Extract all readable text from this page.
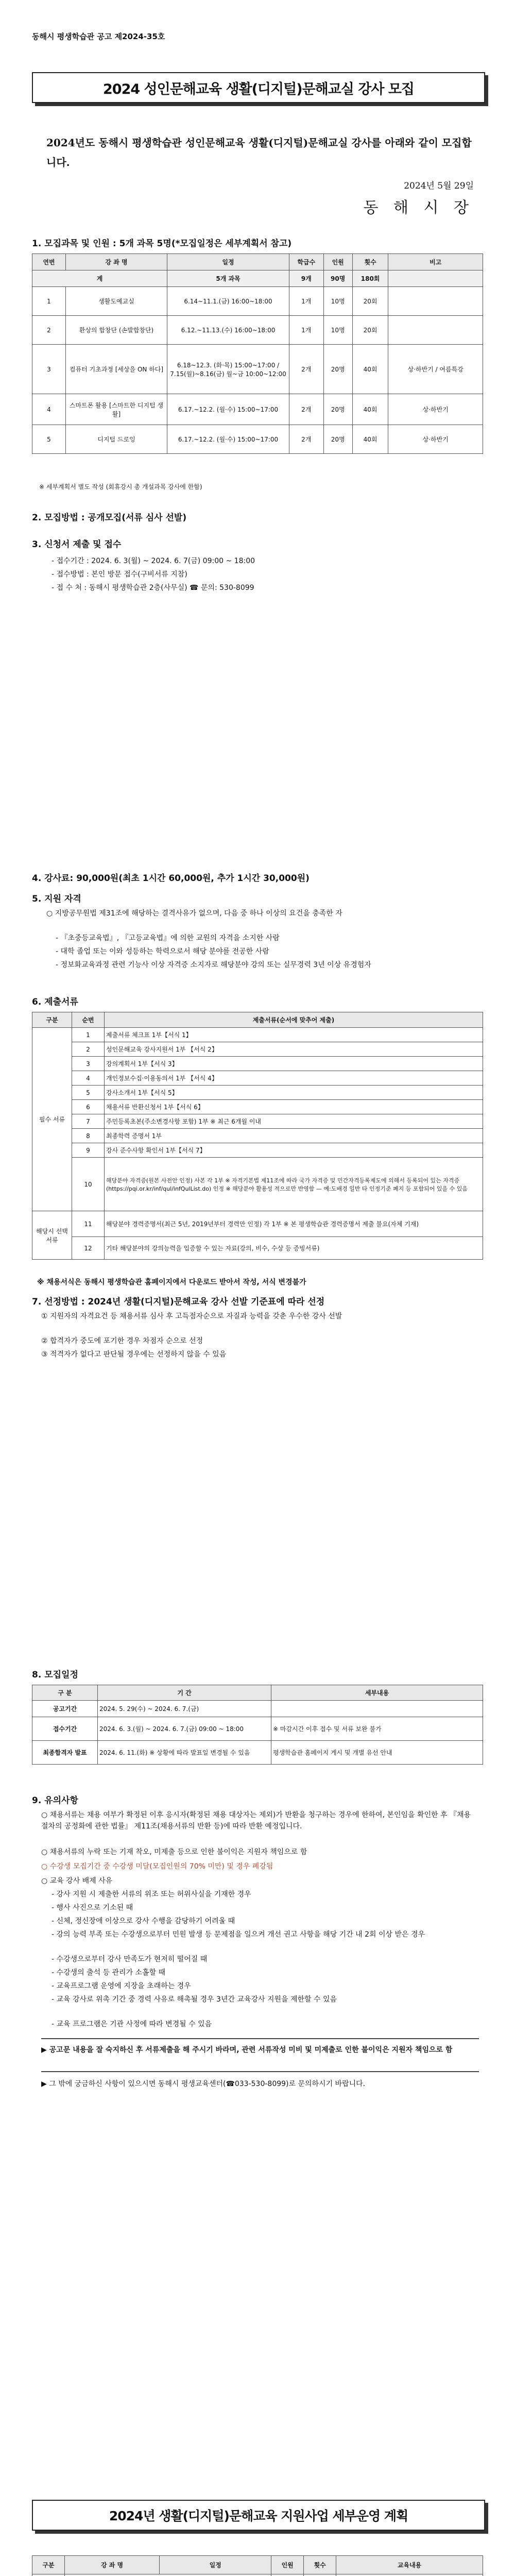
동해시 평생학습관 공고 제2024-35호
2024 성인문해교육 생활(디지털)문해교실 강사 모집
2024년도 동해시 평생학습관 성인문해교육 생활(디지털)문해교실 강사를 아래와 같이 모집합니다.
2024년 5월 29일
동 해 시 장
1. 모집과목 및 인원 : 5개 과목 5명(*모집일정은 세부계획서 참고)
연번	강 좌 명	일정	학급수	인원	횟수	비고
계		5개 과목	9개	90명	180회	
1	생활도예교실	6.14~11.1.(금) 16:00~18:00	1개	10명	20회	
2	환상의 합창단 (손발합창단)	6.12.~11.13.(수) 16:00~18:00	1개	10명	20회	
3	컴퓨터 기초과정 [세상을 ON 하다]	6.18~12.3. (화·목) 15:00~17:00 / 7.15(월)~8.16(금) 월~금 10:00~12:00	2개	20명	40회	상·하반기 / 여름특강
4	스마트폰 활용 [스마트한 디지털 생활]	6.17.~12.2. (월·수) 15:00~17:00	2개	20명	40회	상·하반기
5	디지털 드로잉	6.17.~12.2. (월·수) 15:00~17:00	2개	20명	40회	상·하반기
※ 세부계획서 별도 작성 (회휴강시 총 개설과목 강사에 한함)
2. 모집방법 : 공개모집(서류 심사 선발)
3. 신청서 제출 및 접수
- 접수기간 : 2024. 6. 3(월) ~ 2024. 6. 7(금) 09:00 ~ 18:00
- 접수방법 : 본인 방문 접수(구비서류 지참)
- 접 수 처 : 동해시 평생학습관 2층(사무실) ☎ 문의: 530-8099
4. 강사료: 90,000원(최초 1시간 60,000원, 추가 1시간 30,000원)
5. 지원 자격
○ 지방공무원법 제31조에 해당하는 결격사유가 없으며, 다음 중 하나 이상의 요건을 충족한 자
- 『초중등교육법』, 『고등교육법』에 의한 교원의 자격을 소지한 사람
- 대학 졸업 또는 이와 성등하는 학력으로서 해당 분야를 전공한 사람
- 정보화교육과정 관련 기능사 이상 자격증 소지자로 해당분야 강의 또는 실무경력 3년 이상 유경험자
6. 제출서류
구분	순번	제출서류(순서에 맞추어 제출)
필수 서류	1	제출서류 체크표 1부【서식 1】
	2	성인문해교육 강사지원서 1부 【서식 2】
	3	강의계획서 1부【서식 3】
	4	개인정보수집·이용동의서 1부 【서식 4】
	5	강사소개서 1부【서식 5】
	6	채용서류 반환신청서 1부【서식 6】
	7	주민등록초본(주소변경사항 포함) 1부 ※ 최근 6개월 이내
	8	최종학력 증명서 1부
	9	강사 준수사항 확인서 1부【서식 7】
	10	해당분야 자격증(원본 사전안 인정) 사본 각 1부 ※ 자격기본법 제11조에 따라 국가 자격증 및 민간자격등록제도에 의해서 등록되어 있는 자격증(https://pqi.or.kr/inf/qul/infQulList.do) 인정 ※ 해당분야 활용성 적으로만 반영함 — 예:도배경 일반 타 인정기준 폐지 등 포함되어 있을 수 있음
해당시 선택 서류	11	해당분야 경력증명서(최근 5년, 2019년부터 경력만 인정) 각 1부 ※ 본 평생학습관 경력증명서 제출 불요(자체 기재)
	12	기타 해당분야의 강의능력을 입증할 수 있는 자료(강의, 비수, 수상 등 증빙서류)
※ 채용서식은 동해시 평생학습관 홈페이지에서 다운로드 받아서 작성, 서식 변경불가
7. 선정방법 : 2024년 생활(디지털)문해교육 강사 선발 기준표에 따라 선정
① 지원자의 자격요건 등 채용서류 심사 후 고득점자순으로 자질과 능력을 갖춘 우수한 강사 선발
② 합격자가 중도에 포기한 경우 차점자 순으로 선정
③ 적격자가 없다고 판단될 경우에는 선정하지 않을 수 있음
8. 모집일정
구 분	기 간	세부내용
공고기간	2024. 5. 29(수) ~ 2024. 6. 7.(금)	
접수기간	2024. 6. 3.(월) ~ 2024. 6. 7.(금) 09:00 ~ 18:00	※ 마감시간 이후 접수 및 서류 보완 불가
최종합격자 발표	2024. 6. 11.(화) ※ 상황에 따라 발표일 변경될 수 있음	평생학습관 홈페이지 게시 및 개별 유선 안내
9. 유의사항
○ 채용서류는 채용 여부가 확정된 이후 응시자(확정된 채용 대상자는 제외)가 반환을 청구하는 경우에 한하여, 본인임을 확인한 후 『채용 절차의 공정화에 관한 법률』 제11조(채용서류의 반환 등)에 따라 반환 예정입니다.
○ 채용서류의 누락 또는 기재 착오, 미제출 등으로 인한 불이익은 지원자 책임으로 함
○ 수강생 모집기간 중 수강생 미달(모집인원의 70% 미만) 및 경우 폐강됨
○ 교육 강사 배제 사유
- 강사 지원 시 제출한 서류의 위조 또는 허위사실을 기재한 경우
- 행사 사진으로 기소된 때
- 신체, 정신장애 이상으로 강사 수행을 감당하기 어려울 때
- 강의 능력 부족 또는 수강생으로부터 민원 발생 등 문제점을 일으켜 개선 권고 사항을 해당 기간 내 2회 이상 받은 경우
- 수강생으로부터 강사 만족도가 현저히 떨어질 때
- 수강생의 출석 등 관리가 소홀할 때
- 교육프로그램 운영에 지장을 초래하는 경우
- 교육 강사로 위촉 기간 중 경력 사유로 해촉될 경우 3년간 교육강사 지원을 제한할 수 있음
- 교육 프로그램은 기관 사정에 따라 변경될 수 있음
▶ 공고문 내용을 잘 숙지하신 후 서류제출을 해 주시기 바라며, 관련 서류작성 미비 및 미제출로 인한 불이익은 지원자 책임으로 함
▶ 그 밖에 궁금하신 사항이 있으시면 동해시 평생교육센터(☎033-530-8099)로 문의하시기 바랍니다.
2024년 생활(디지털)문해교육 지원사업 세부운영 계획
구분	강 좌 명		일정	인원	횟수	교육내용
